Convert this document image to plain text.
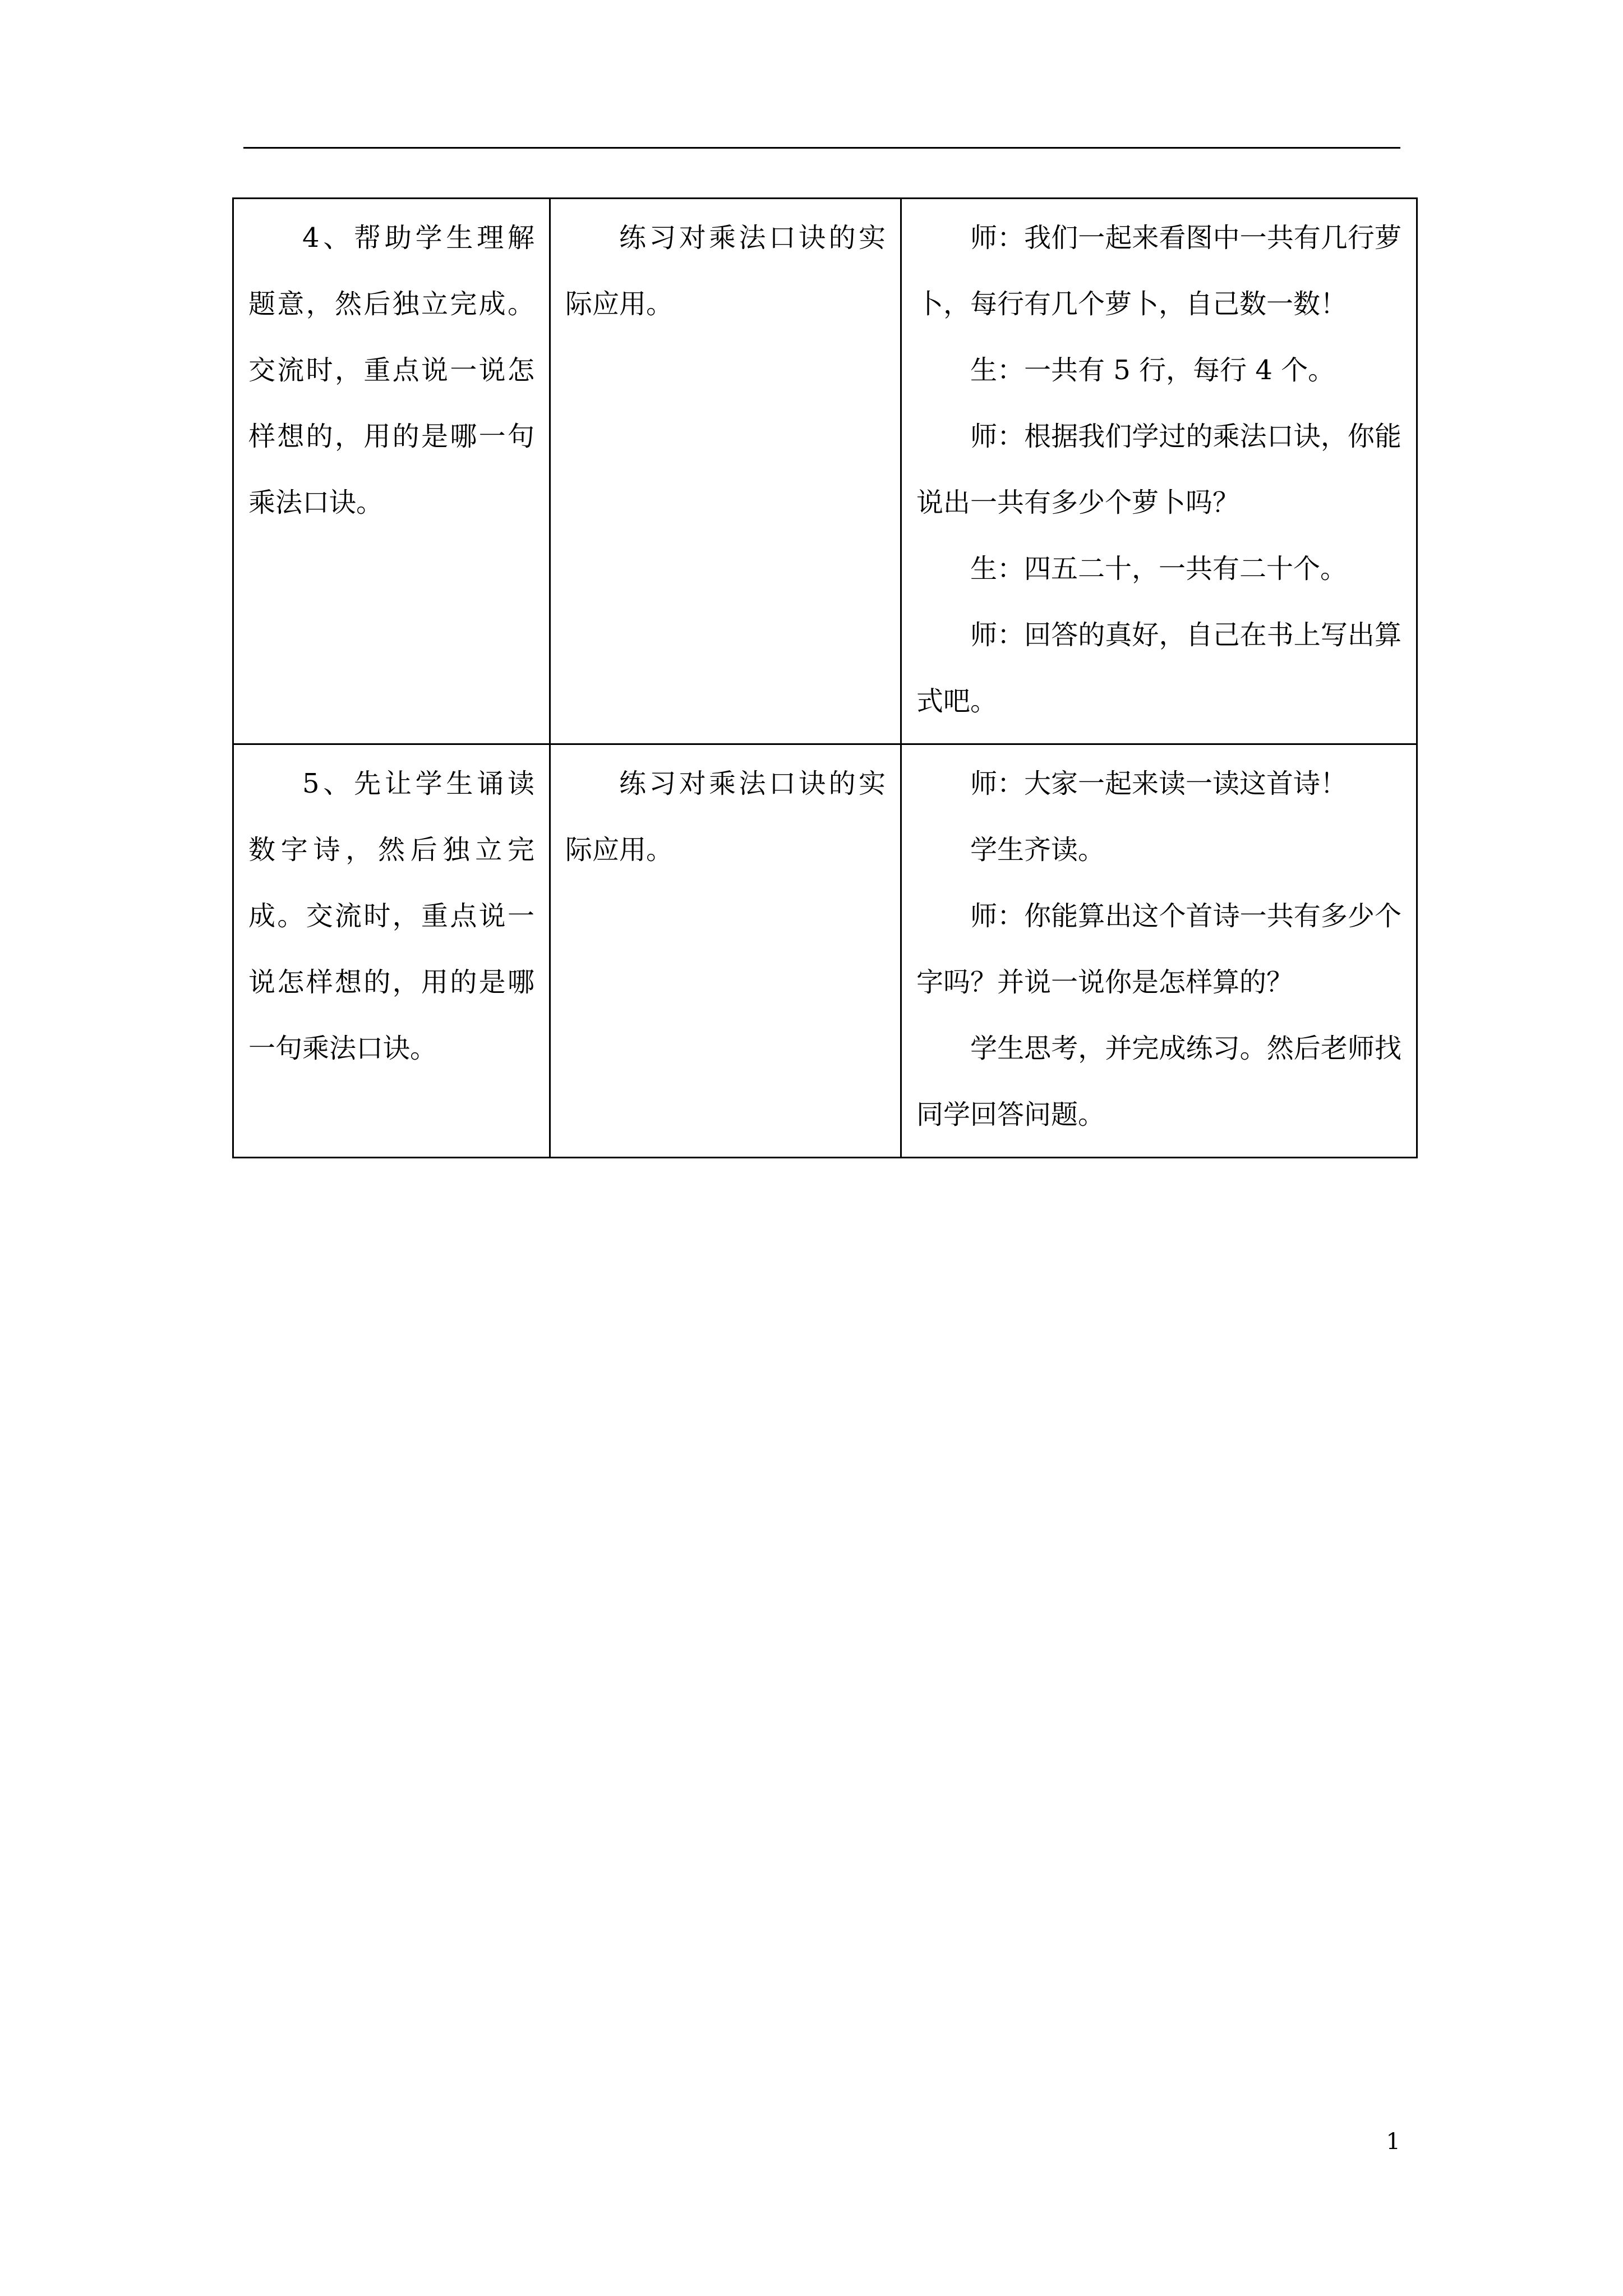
4、帮助学生理解题意，然后独立完成。交流时，重点说一说怎样想的，用的是哪一句乘法口诀。	练习对乘法口诀的实际应用。	师：我们一起来看图中一共有几行萝卜，每行有几个萝卜，自己数一数！

生：一共有 5 行，每行 4 个。

师：根据我们学过的乘法口诀，你能说出一共有多少个萝卜吗？

生：四五二十，一共有二十个。

师：回答的真好，自己在书上写出算式吧。

5、先让学生诵读数字诗，然后独立完成。交流时，重点说一说怎样想的，用的是哪一句乘法口诀。	练习对乘法口诀的实际应用。	师：大家一起来读一读这首诗！

学生齐读。

师：你能算出这个首诗一共有多少个字吗？并说一说你是怎样算的？

学生思考，并完成练习。然后老师找同学回答问题。

1
